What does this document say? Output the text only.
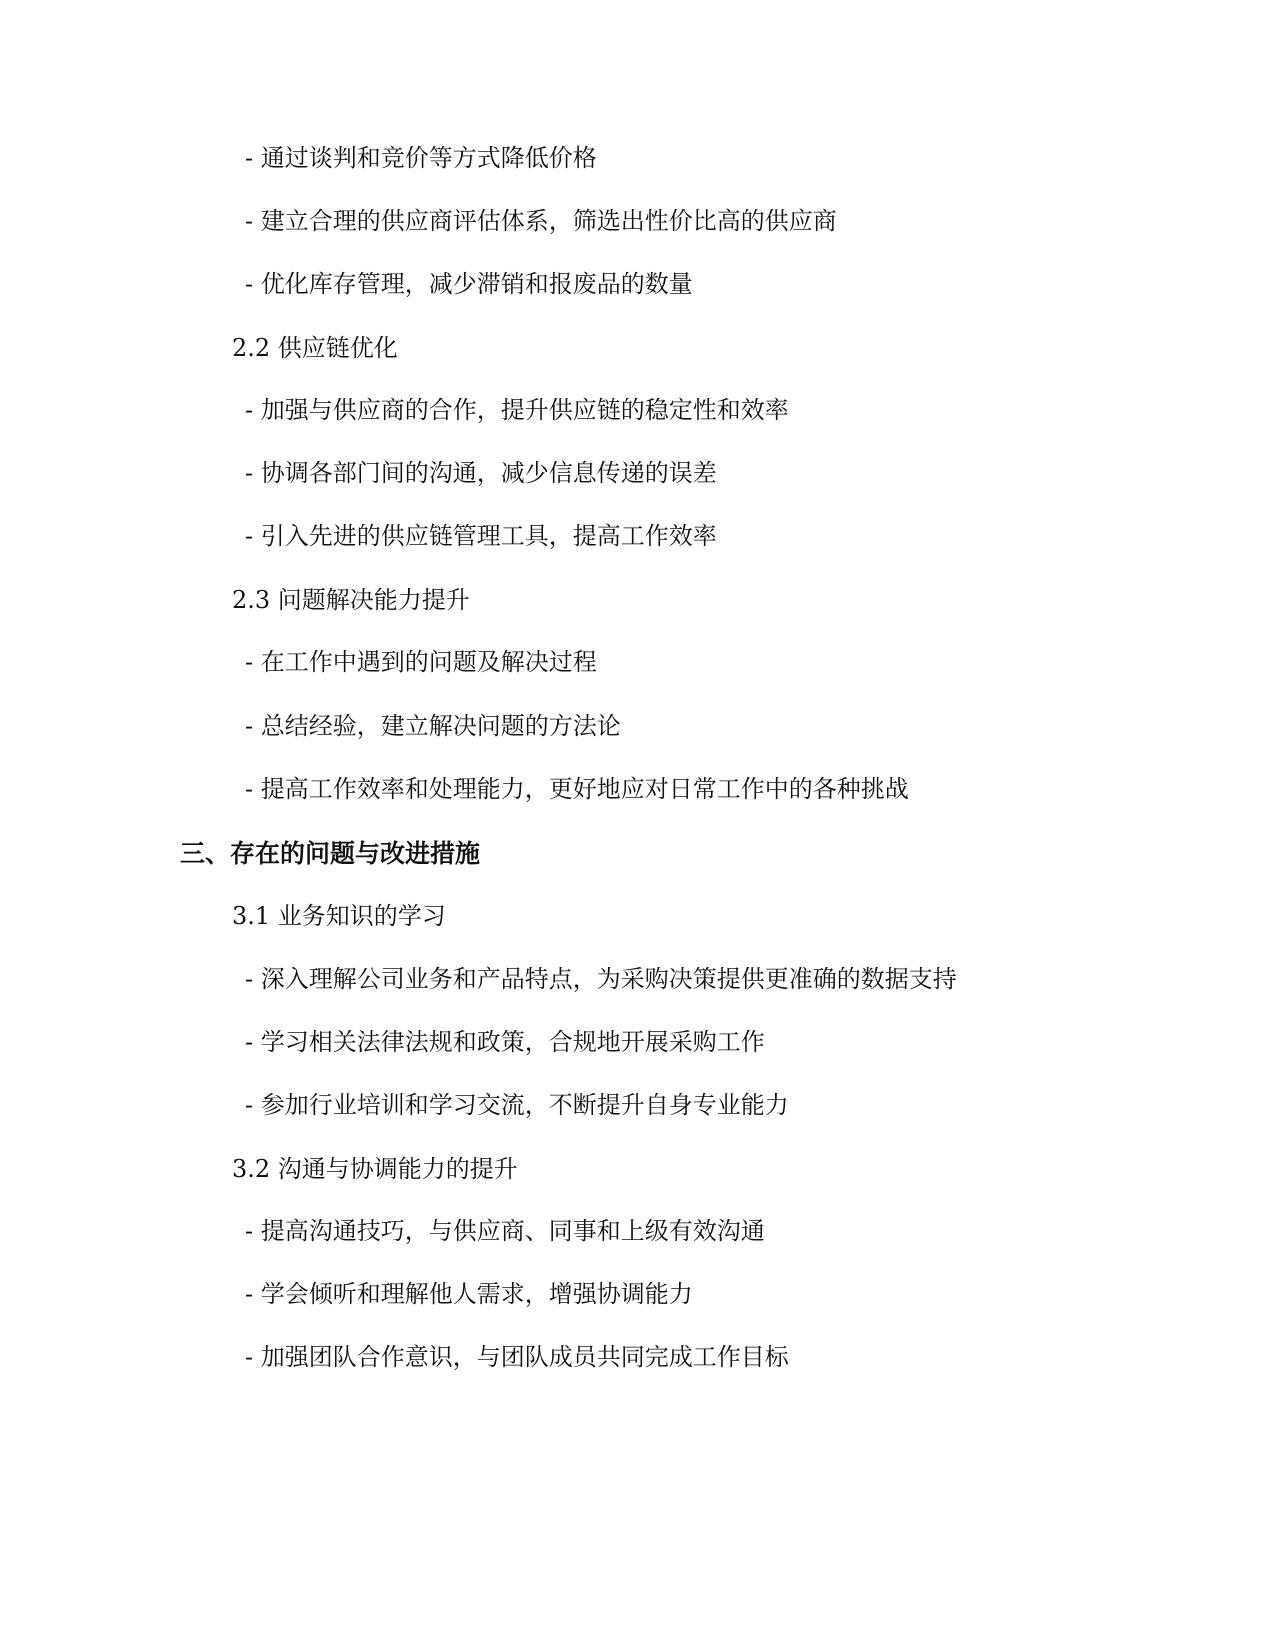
- 通过谈判和竞价等方式降低价格
- 建立合理的供应商评估体系，筛选出性价比高的供应商
- 优化库存管理，减少滞销和报废品的数量
2.2 供应链优化
- 加强与供应商的合作，提升供应链的稳定性和效率
- 协调各部门间的沟通，减少信息传递的误差
- 引入先进的供应链管理工具，提高工作效率
2.3 问题解决能力提升
- 在工作中遇到的问题及解决过程
- 总结经验，建立解决问题的方法论
- 提高工作效率和处理能力，更好地应对日常工作中的各种挑战
三、存在的问题与改进措施
3.1 业务知识的学习
- 深入理解公司业务和产品特点，为采购决策提供更准确的数据支持
- 学习相关法律法规和政策，合规地开展采购工作
- 参加行业培训和学习交流，不断提升自身专业能力
3.2 沟通与协调能力的提升
- 提高沟通技巧，与供应商、同事和上级有效沟通
- 学会倾听和理解他人需求，增强协调能力
- 加强团队合作意识，与团队成员共同完成工作目标
